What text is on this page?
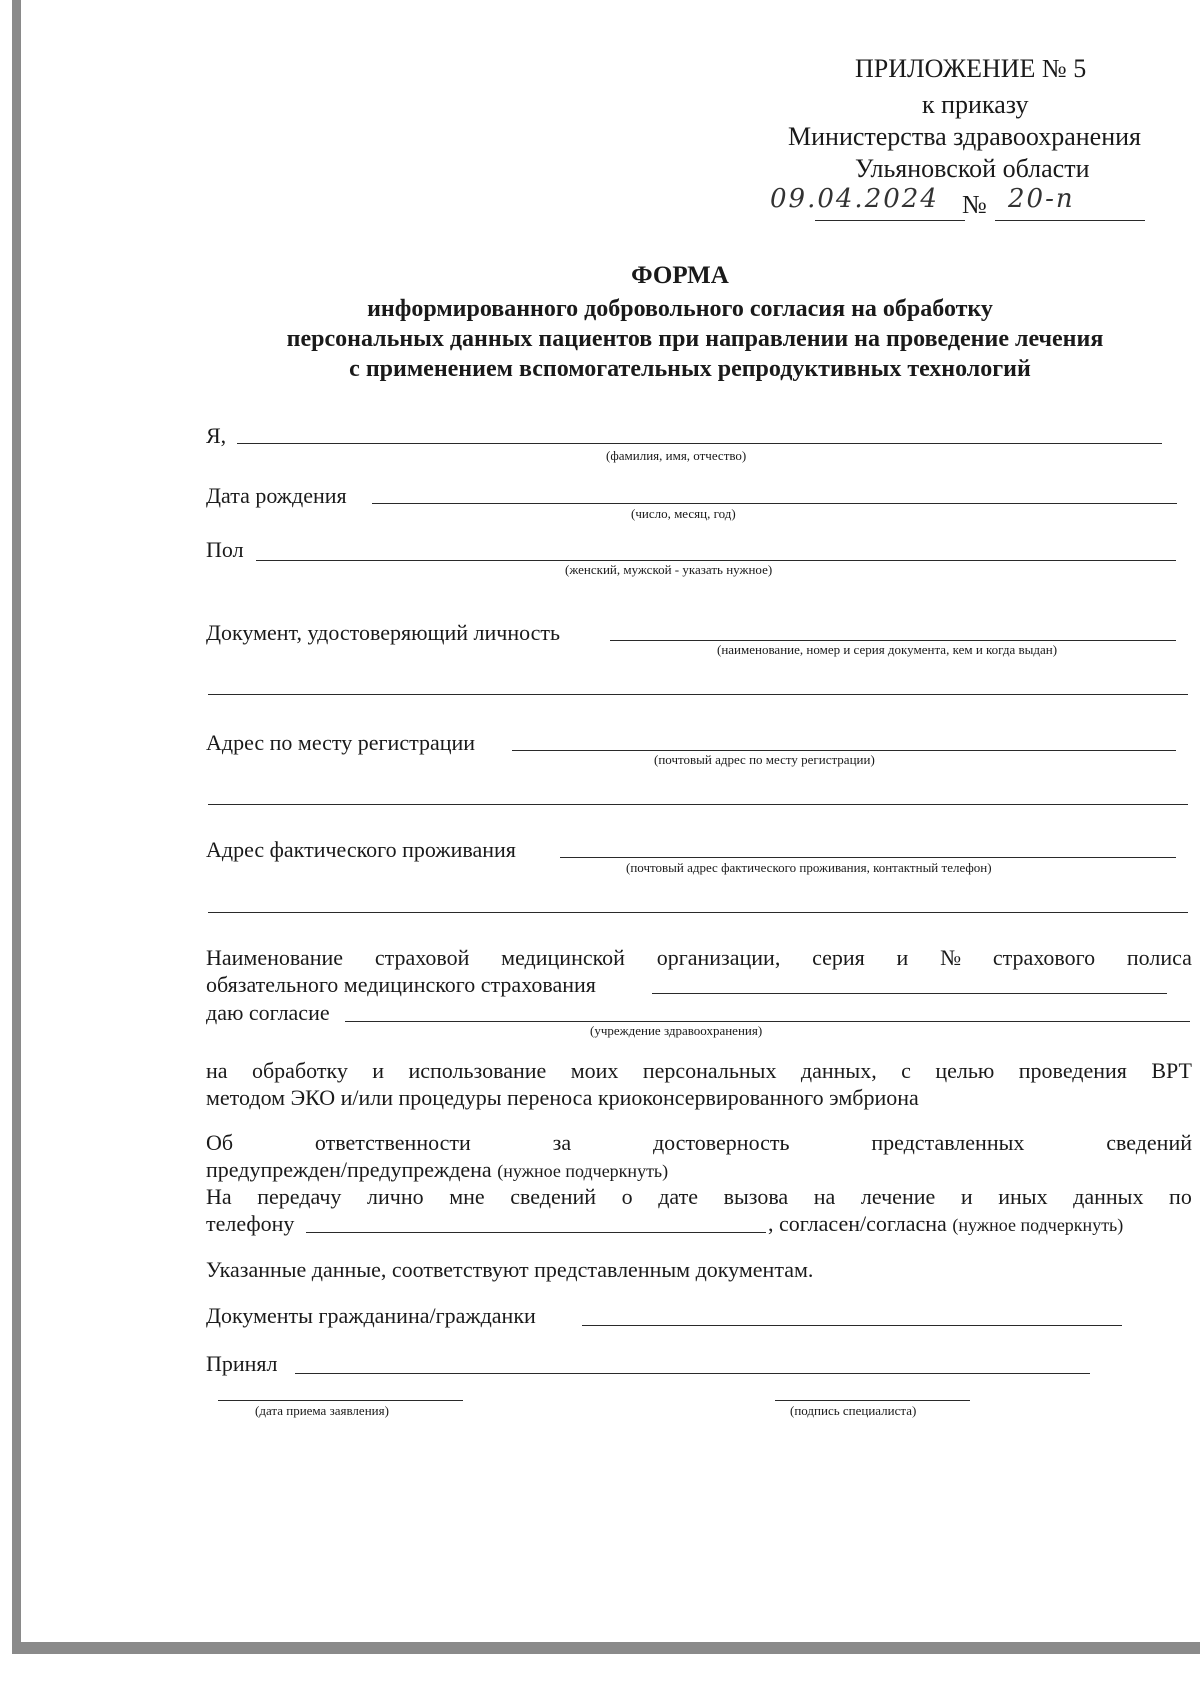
ПРИЛОЖЕНИЕ № 5
к приказу
Министерства здравоохранения
Ульяновской области
09.04.2024 № 20-п
ФОРМА
информированного добровольного согласия на обработку
персональных данных пациентов при направлении на проведение лечения
с применением вспомогательных репродуктивных технологий
Я,
(фамилия, имя, отчество)
Дата рождения
(число, месяц, год)
Пол
(женский, мужской - указать нужное)
Документ, удостоверяющий личность
(наименование, номер и серия документа, кем и когда выдан)
Адрес по месту регистрации
(почтовый адрес по месту регистрации)
Адрес фактического проживания
(почтовый адрес фактического проживания, контактный телефон)
Наименование страховой медицинской организации, серия и № страхового полиса
обязательного медицинского страхования
даю согласие
(учреждение здравоохранения)
на обработку и использование моих персональных данных, с целью проведения ВРТ
методом ЭКО и/или процедуры переноса криоконсервированного эмбриона
Об	ответственности	за	достоверность	представленных	сведений
предупрежден/предупреждена (нужное подчеркнуть)
На передачу лично мне сведений о дате вызова на лечение и иных данных по
телефону	, согласен/согласна (нужное подчеркнуть)
Указанные данные, соответствуют представленным документам.
Документы гражданина/гражданки
Принял
(дата приема заявления)	(подпись специалиста)
